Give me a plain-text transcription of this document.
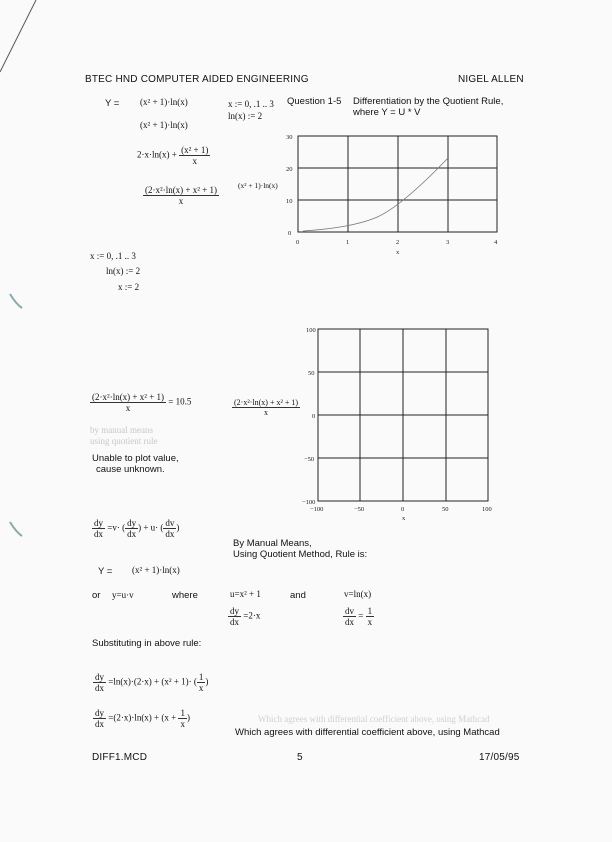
BTEC HND COMPUTER AIDED ENGINEERING	NIGEL ALLEN
Y = (x² + 1)·ln(x)	x := 0, .1 .. 3
ln(x) := 2
(x² + 1)·ln(x)
$2\cdot x\cdot\ln(x) + \frac{\text{(x² + 1)}}{x}$
$\frac{\text{(2·x²·ln(x) + x² + 1)}}{x}$
Question 1-5 Differentiation by the Quotient Rule,
where Y = U * V
(x² + 1)·ln(x)
30
20
10
0
0	1	2	3	4
x
x := 0, .1 .. 3
ln(x) := 2
x := 2
$\frac{\text{(2·x²·ln(x) + x² + 1)}}{x} = 10.5$
by manual means
using quotient rule
Unable to plot value,
cause unknown.
$\frac{\text{(2·x²·ln(x) + x² + 1)}}{x}$
100
50
0
−50
−100
−100	−50	0	50	100
x
$\frac{dy}{dx} =v\cdot$ ( $\frac{dy}{dx}$ ) + u· ( $\frac{dv}{dx}$ )
By Manual Means,
Using Quotient Method, Rule is:
Y = (x² + 1)·ln(x)
or y=u·v	where	u=x² + 1	and	v=ln(x)
$\frac{dy}{dx} =2\cdot x$	$\frac{dv}{dx} = \frac{1}{x}$
Substituting in above rule:
$\frac{dy}{dx} =\ln(x)\cdot(2\cdot x) + (x^2 + 1)\cdot$ ( $\frac{1}{x}$ )
$\frac{dy}{dx} =(2\cdot x)\cdot\ln(x) + (x + \frac{1}{x}$ )	Which agrees with differential coefficient above, using Mathcad
Which agrees with differential coefficient above, using Mathcad
DIFF1.MCD	5	17/05/95
